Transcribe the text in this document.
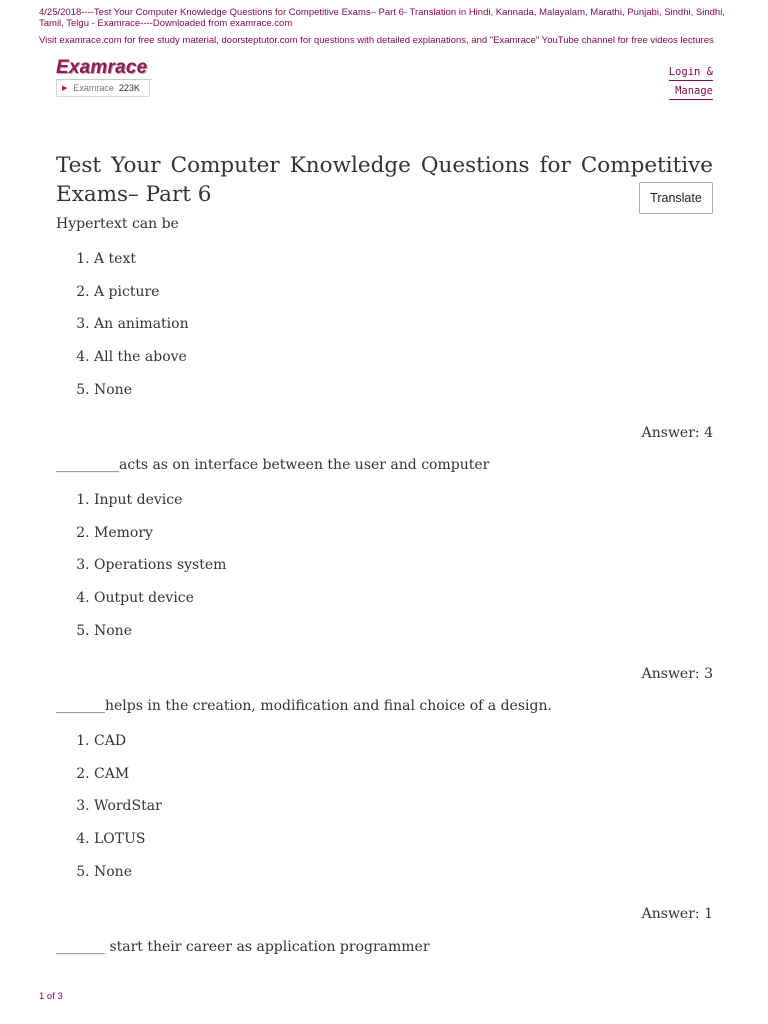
4/25/2018----Test Your Computer Knowledge Questions for Competitive Exams– Part 6- Translation in Hindi, Kannada, Malayalam, Marathi, Punjabi, Sindhi, Sindhi, Tamil, Telgu - Examrace----Downloaded from examrace.com
Visit examrace.com for free study material, doorsteptutor.com for questions with detailed explanations, and "Examrace" YouTube channel for free videos lectures
Examrace
▶ Examrace 223K
Login &
Manage
Test Your Computer Knowledge Questions for Competitive Exams– Part 6	Translate
Hypertext can be
1. A text
2. A picture
3. An animation
4. All the above
5. None
Answer: 4
_________acts as on interface between the user and computer
1. Input device
2. Memory
3. Operations system
4. Output device
5. None
Answer: 3
_______helps in the creation, modification and final choice of a design.
1. CAD
2. CAM
3. WordStar
4. LOTUS
5. None
Answer: 1
_______ start their career as application programmer
1 of 3
